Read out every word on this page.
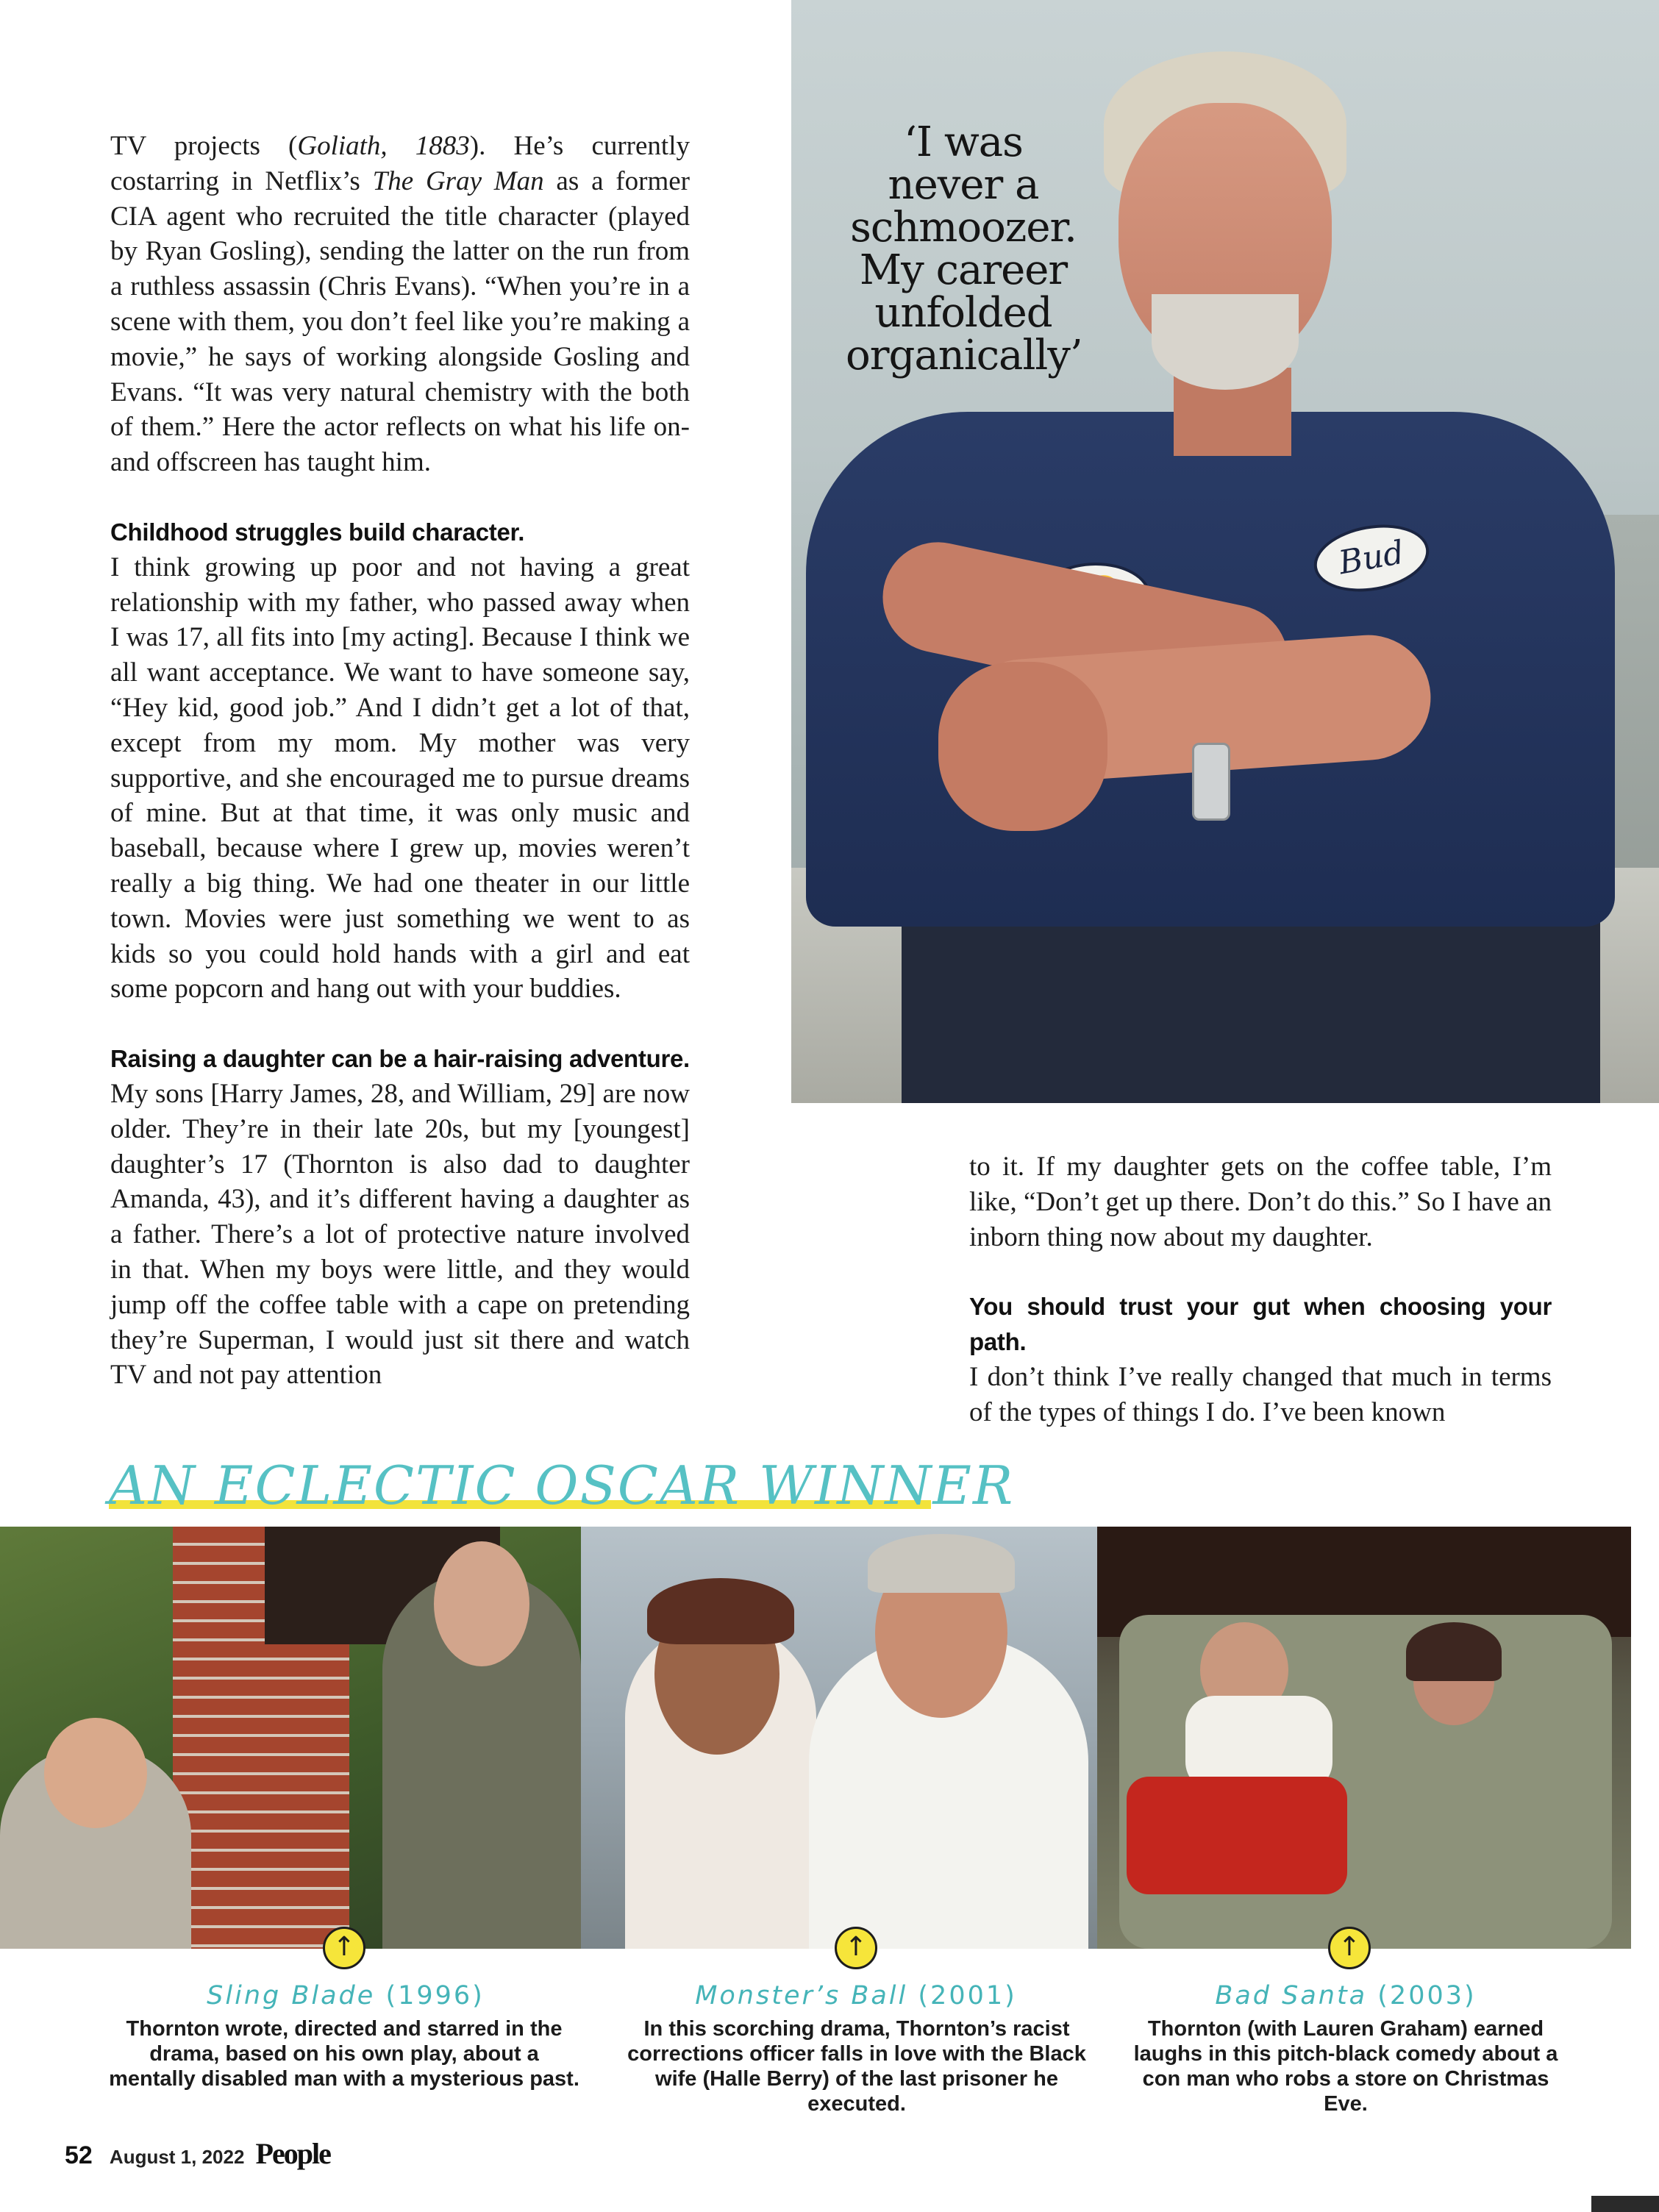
TV projects (Goliath, 1883). He’s currently costarring in Netflix’s The Gray Man as a former CIA agent who recruited the title character (played by Ryan Gosling), sending the latter on the run from a ruthless assassin (Chris Evans). “When you’re in a scene with them, you don’t feel like you’re making a movie,” he says of working alongside Gosling and Evans. “It was very natural chemistry with the both of them.” Here the actor reflects on what his life on- and offscreen has taught him.

Childhood struggles build character.
I think growing up poor and not having a great relationship with my father, who passed away when I was 17, all fits into [my acting]. Because I think we all want acceptance. We want to have someone say, “Hey kid, good job.” And I didn’t get a lot of that, except from my mom. My mother was very supportive, and she encouraged me to pursue dreams of mine. But at that time, it was only music and baseball, because where I grew up, movies weren’t really a big thing. We had one theater in our little town. Movies were just something we went to as kids so you could hold hands with a girl and eat some popcorn and hang out with your buddies.

Raising a daughter can be a hair-raising adventure.
My sons [Harry James, 28, and William, 29] are now older. They’re in their late 20s, but my [youngest] daughter’s 17 (Thornton is also dad to daughter Amanda, 43), and it’s different having a daughter as a father. There’s a lot of protective nature involved in that. When my boys were little, and they would jump off the coffee table with a cape on pretending they’re Superman, I would just sit there and watch TV and not pay attention

Bud
‘I was never a schmoozer. My career unfolded organically’

to it. If my daughter gets on the coffee table, I’m like, “Don’t get up there. Don’t do this.” So I have an inborn thing now about my daughter.

You should trust your gut when choosing your path.
I don’t think I’ve really changed that much in terms of the types of things I do. I’ve been known

AN ECLECTIC OSCAR WINNER
↑	↑	↑
Sling Blade (1996)
Thornton wrote, directed and starred in the drama, based on his own play, about a mentally disabled man with a mysterious past.
Monster’s Ball (2001)
In this scorching drama, Thornton’s racist corrections officer falls in love with the Black wife (Halle Berry) of the last prisoner he executed.
Bad Santa (2003)
Thornton (with Lauren Graham) earned laughs in this pitch-black comedy about a con man who robs a store on Christmas Eve.
52 August 1, 2022 People
